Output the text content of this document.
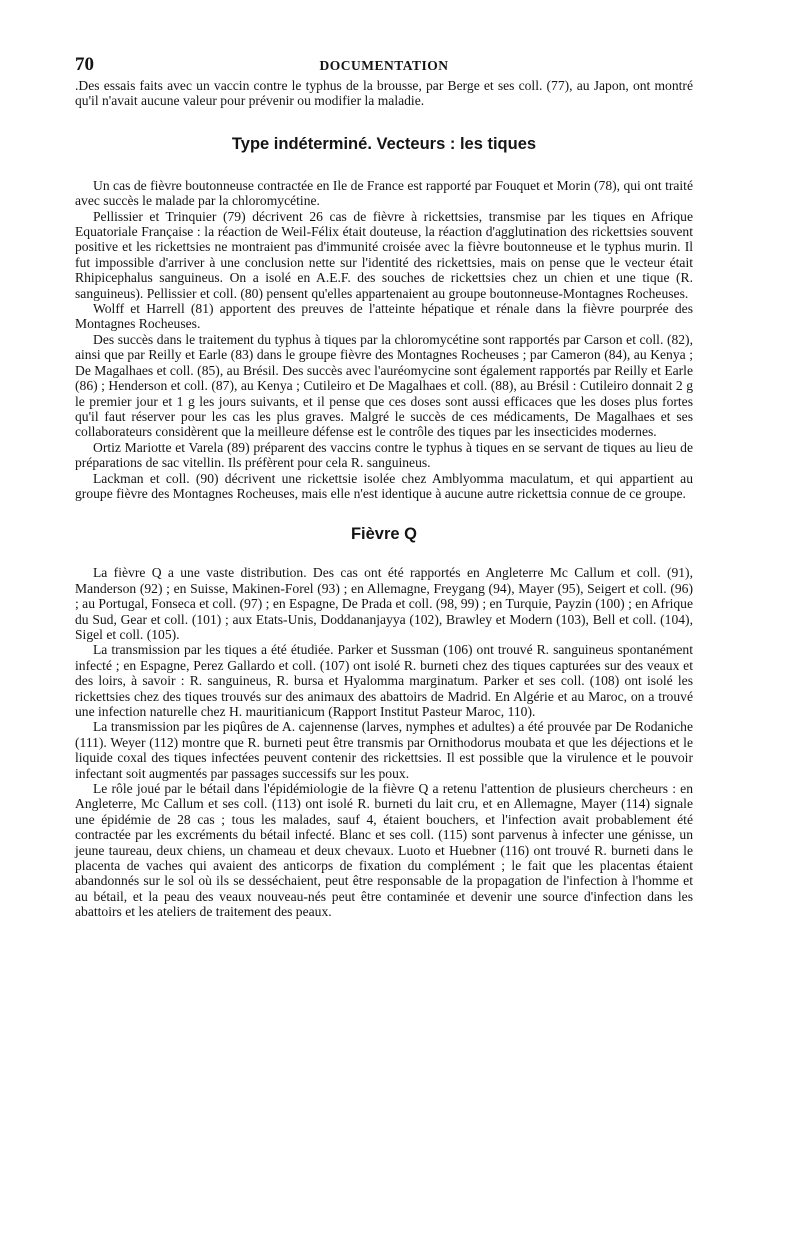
70	DOCUMENTATION

.Des essais faits avec un vaccin contre le typhus de la brousse, par Berge et ses coll. (77), au Japon, ont montré qu'il n'avait aucune valeur pour prévenir ou modifier la maladie.

Type indéterminé. Vecteurs : les tiques

Un cas de fièvre boutonneuse contractée en Ile de France est rapporté par Fouquet et Morin (78), qui ont traité avec succès le malade par la chloromycétine.

Pellissier et Trinquier (79) décrivent 26 cas de fièvre à rickettsies, transmise par les tiques en Afrique Equatoriale Française : la réaction de Weil-Félix était douteuse, la réaction d'agglutination des rickettsies souvent positive et les rickettsies ne montraient pas d'immunité croisée avec la fièvre boutonneuse et le typhus murin. Il fut impossible d'arriver à une conclusion nette sur l'identité des rickettsies, mais on pense que le vecteur était Rhipicephalus sanguineus. On a isolé en A.E.F. des souches de rickettsies chez un chien et une tique (R. sanguineus). Pellissier et coll. (80) pensent qu'elles appartenaient au groupe boutonneuse-Montagnes Rocheuses.

Wolff et Harrell (81) apportent des preuves de l'atteinte hépatique et rénale dans la fièvre pourprée des Montagnes Rocheuses.

Des succès dans le traitement du typhus à tiques par la chloromycétine sont rapportés par Carson et coll. (82), ainsi que par Reilly et Earle (83) dans le groupe fièvre des Montagnes Rocheuses ; par Cameron (84), au Kenya ; De Magalhaes et coll. (85), au Brésil. Des succès avec l'auréomycine sont également rapportés par Reilly et Earle (86) ; Henderson et coll. (87), au Kenya ; Cutileiro et De Magalhaes et coll. (88), au Brésil : Cutileiro donnait 2 g le premier jour et 1 g les jours suivants, et il pense que ces doses sont aussi efficaces que les doses plus fortes qu'il faut réserver pour les cas les plus graves. Malgré le succès de ces médicaments, De Magalhaes et ses collaborateurs considèrent que la meilleure défense est le contrôle des tiques par les insecticides modernes.

Ortiz Mariotte et Varela (89) préparent des vaccins contre le typhus à tiques en se servant de tiques au lieu de préparations de sac vitellin. Ils préfèrent pour cela R. sanguineus.

Lackman et coll. (90) décrivent une rickettsie isolée chez Amblyomma maculatum, et qui appartient au groupe fièvre des Montagnes Rocheuses, mais elle n'est identique à aucune autre rickettsia connue de ce groupe.

Fièvre Q

La fièvre Q a une vaste distribution. Des cas ont été rapportés en Angleterre Mc Callum et coll. (91), Manderson (92) ; en Suisse, Makinen-Forel (93) ; en Allemagne, Freygang (94), Mayer (95), Seigert et coll. (96) ; au Portugal, Fonseca et coll. (97) ; en Espagne, De Prada et coll. (98, 99) ; en Turquie, Payzin (100) ; en Afrique du Sud, Gear et coll. (101) ; aux Etats-Unis, Doddananjayya (102), Brawley et Modern (103), Bell et coll. (104), Sigel et coll. (105).

La transmission par les tiques a été étudiée. Parker et Sussman (106) ont trouvé R. sanguineus spontanément infecté ; en Espagne, Perez Gallardo et coll. (107) ont isolé R. burneti chez des tiques capturées sur des veaux et des loirs, à savoir : R. sanguineus, R. bursa et Hyalomma marginatum. Parker et ses coll. (108) ont isolé les rickettsies chez des tiques trouvés sur des animaux des abattoirs de Madrid. En Algérie et au Maroc, on a trouvé une infection naturelle chez H. mauritianicum (Rapport Institut Pasteur Maroc, 110).

La transmission par les piqûres de A. cajennense (larves, nymphes et adultes) a été prouvée par De Rodaniche (111). Weyer (112) montre que R. burneti peut être transmis par Ornithodorus moubata et que les déjections et le liquide coxal des tiques infectées peuvent contenir des rickettsies. Il est possible que la virulence et le pouvoir infectant soit augmentés par passages successifs sur les poux.

Le rôle joué par le bétail dans l'épidémiologie de la fièvre Q a retenu l'attention de plusieurs chercheurs : en Angleterre, Mc Callum et ses coll. (113) ont isolé R. burneti du lait cru, et en Allemagne, Mayer (114) signale une épidémie de 28 cas ; tous les malades, sauf 4, étaient bouchers, et l'infection avait probablement été contractée par les excréments du bétail infecté. Blanc et ses coll. (115) sont parvenus à infecter une génisse, un jeune taureau, deux chiens, un chameau et deux chevaux. Luoto et Huebner (116) ont trouvé R. burneti dans le placenta de vaches qui avaient des anticorps de fixation du complément ; le fait que les placentas étaient abandonnés sur le sol où ils se desséchaient, peut être responsable de la propagation de l'infection à l'homme et au bétail, et la peau des veaux nouveau-nés peut être contaminée et devenir une source d'infection dans les abattoirs et les ateliers de traitement des peaux.
